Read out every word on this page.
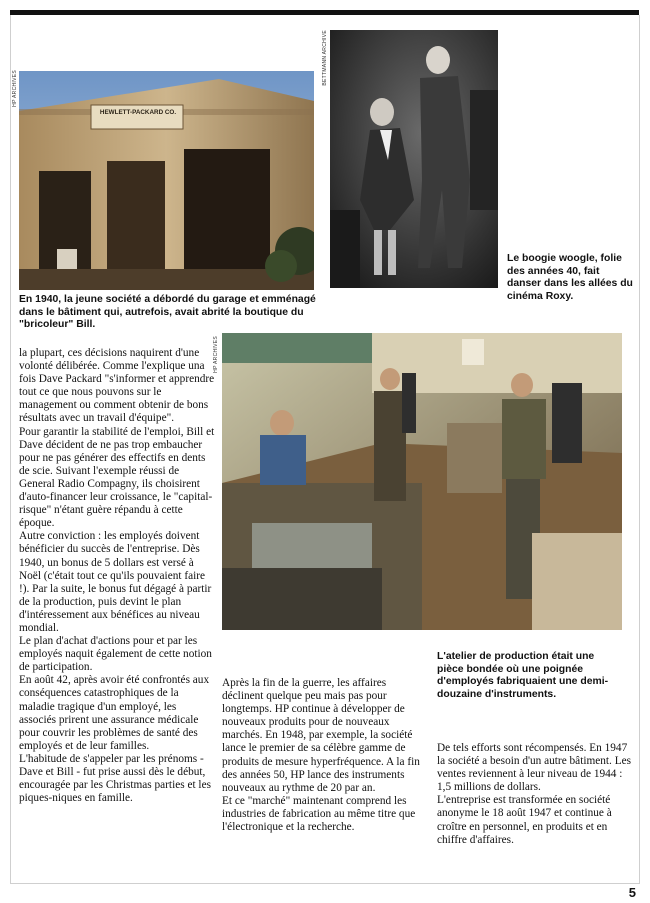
HP ARCHIVES
BETTMANN ARCHIVE
HP ARCHIVES
HEWLETT-PACKARD CO.
Le boogie woogle, folie des années 40, fait danser dans les allées du cinéma Roxy.
En 1940, la jeune société a débordé du garage et emménagé dans le bâtiment qui, autrefois, avait abrité la boutique du "bricoleur" Bill.
L'atelier de production était une pièce bondée où une poignée d'employés fabriquaient une demi-douzaine d'instruments.

la plupart, ces décisions naquirent d'une volonté délibérée. Comme l'explique una fois Dave Packard "s'informer et apprendre tout ce que nous pouvons sur le management ou comment obtenir de bons résultats avec un travail d'équipe".

Pour garantir la stabilité de l'emploi, Bill et Dave décident de ne pas trop embaucher pour ne pas générer des effectifs en dents de scie. Suivant l'exemple réussi de General Radio Compagny, ils choisirent d'auto-financer leur croissance, le "capital-risque" n'étant guère répandu à cette époque.

Autre conviction : les employés doivent bénéficier du succès de l'entreprise. Dès 1940, un bonus de 5 dollars est versé à Noël (c'était tout ce qu'ils pouvaient faire !). Par la suite, le bonus fut dégagé à partir de la production, puis devint le plan d'intéressement aux bénéfices au niveau mondial.

Le plan d'achat d'actions pour et par les employés naquit également de cette notion de participation.

En août 42, après avoir été confrontés aux conséquences catastrophiques de la maladie tragique d'un employé, les associés prirent une assurance médicale pour couvrir les problèmes de santé des employés et de leur familles.

L'habitude de s'appeler par les prénoms - Dave et Bill - fut prise aussi dès le début, encouragée par les Christmas parties et les piques-niques en famille.

Après la fin de la guerre, les affaires déclinent quelque peu mais pas pour longtemps. HP continue à développer de nouveaux produits pour de nouveaux marchés. En 1948, par exemple, la société lance le premier de sa célèbre gamme de produits de mesure hyperfréquence. A la fin des années 50, HP lance des instruments nouveaux au rythme de 20 par an.

Et ce "marché" maintenant comprend les industries de fabrication au même titre que l'électronique et la recherche.

De tels efforts sont récompensés. En 1947 la société a besoin d'un autre bâtiment. Les ventes reviennent à leur niveau de 1944 : 1,5 millions de dollars.

L'entreprise est transformée en société anonyme le 18 août 1947 et continue à croître en personnel, en produits et en chiffre d'affaires.

5
